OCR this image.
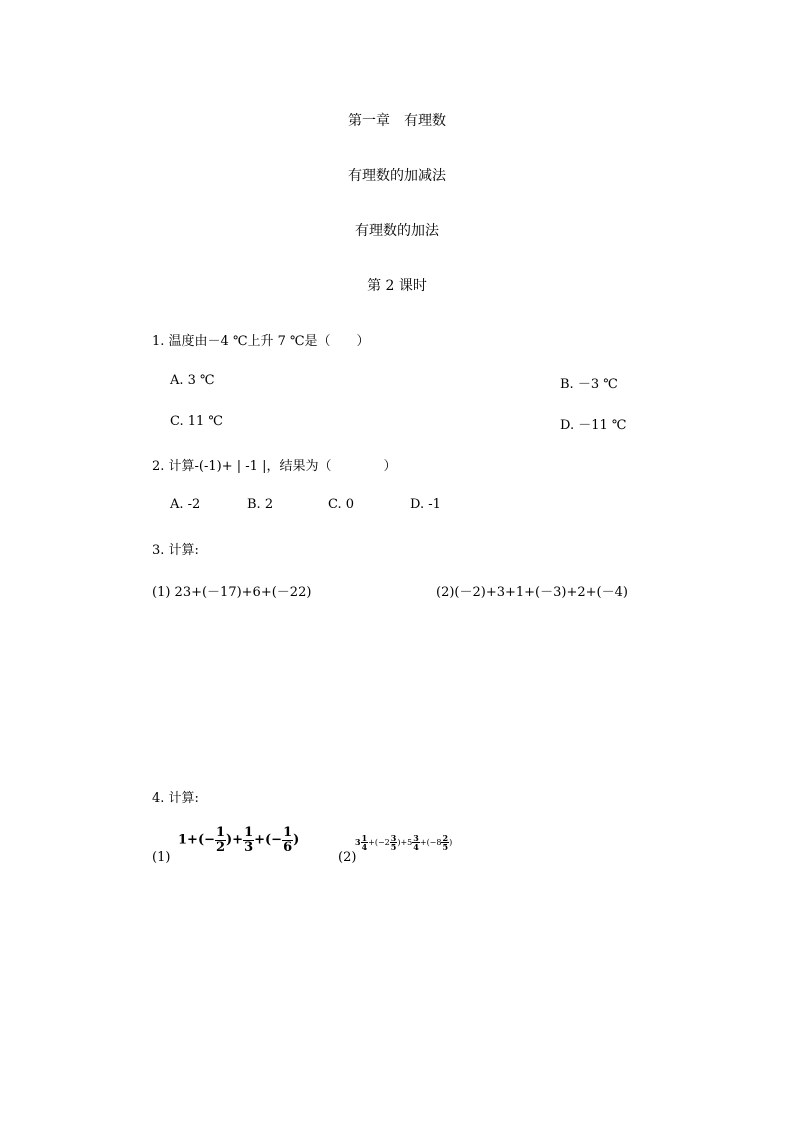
第一章　有理数
有理数的加减法
有理数的加法
第 2 课时
1. 温度由－4 ℃上升 7 ℃是（　　）
A. 3 ℃	B. －3 ℃
C. 11 ℃	D. －11 ℃
2. 计算-(-1)+ | -1 |，结果为（　　　　）
A. -2	B. 2	C. 0	D. -1
3. 计算:
(1) 23+(－17)+6+(－22)	(2)(－2)+3+1+(－3)+2+(－4)
4. 计算:
(1)
$1+(- \frac{1}{2}$ )+ $\frac{1}{3}$ +(− $\frac{1}{6}$ )
(2)
$3 \frac{1}{4} +(-2 \frac{3}{5} )+5 \frac{3}{4} +(-8 \frac{2}{5}$ )
